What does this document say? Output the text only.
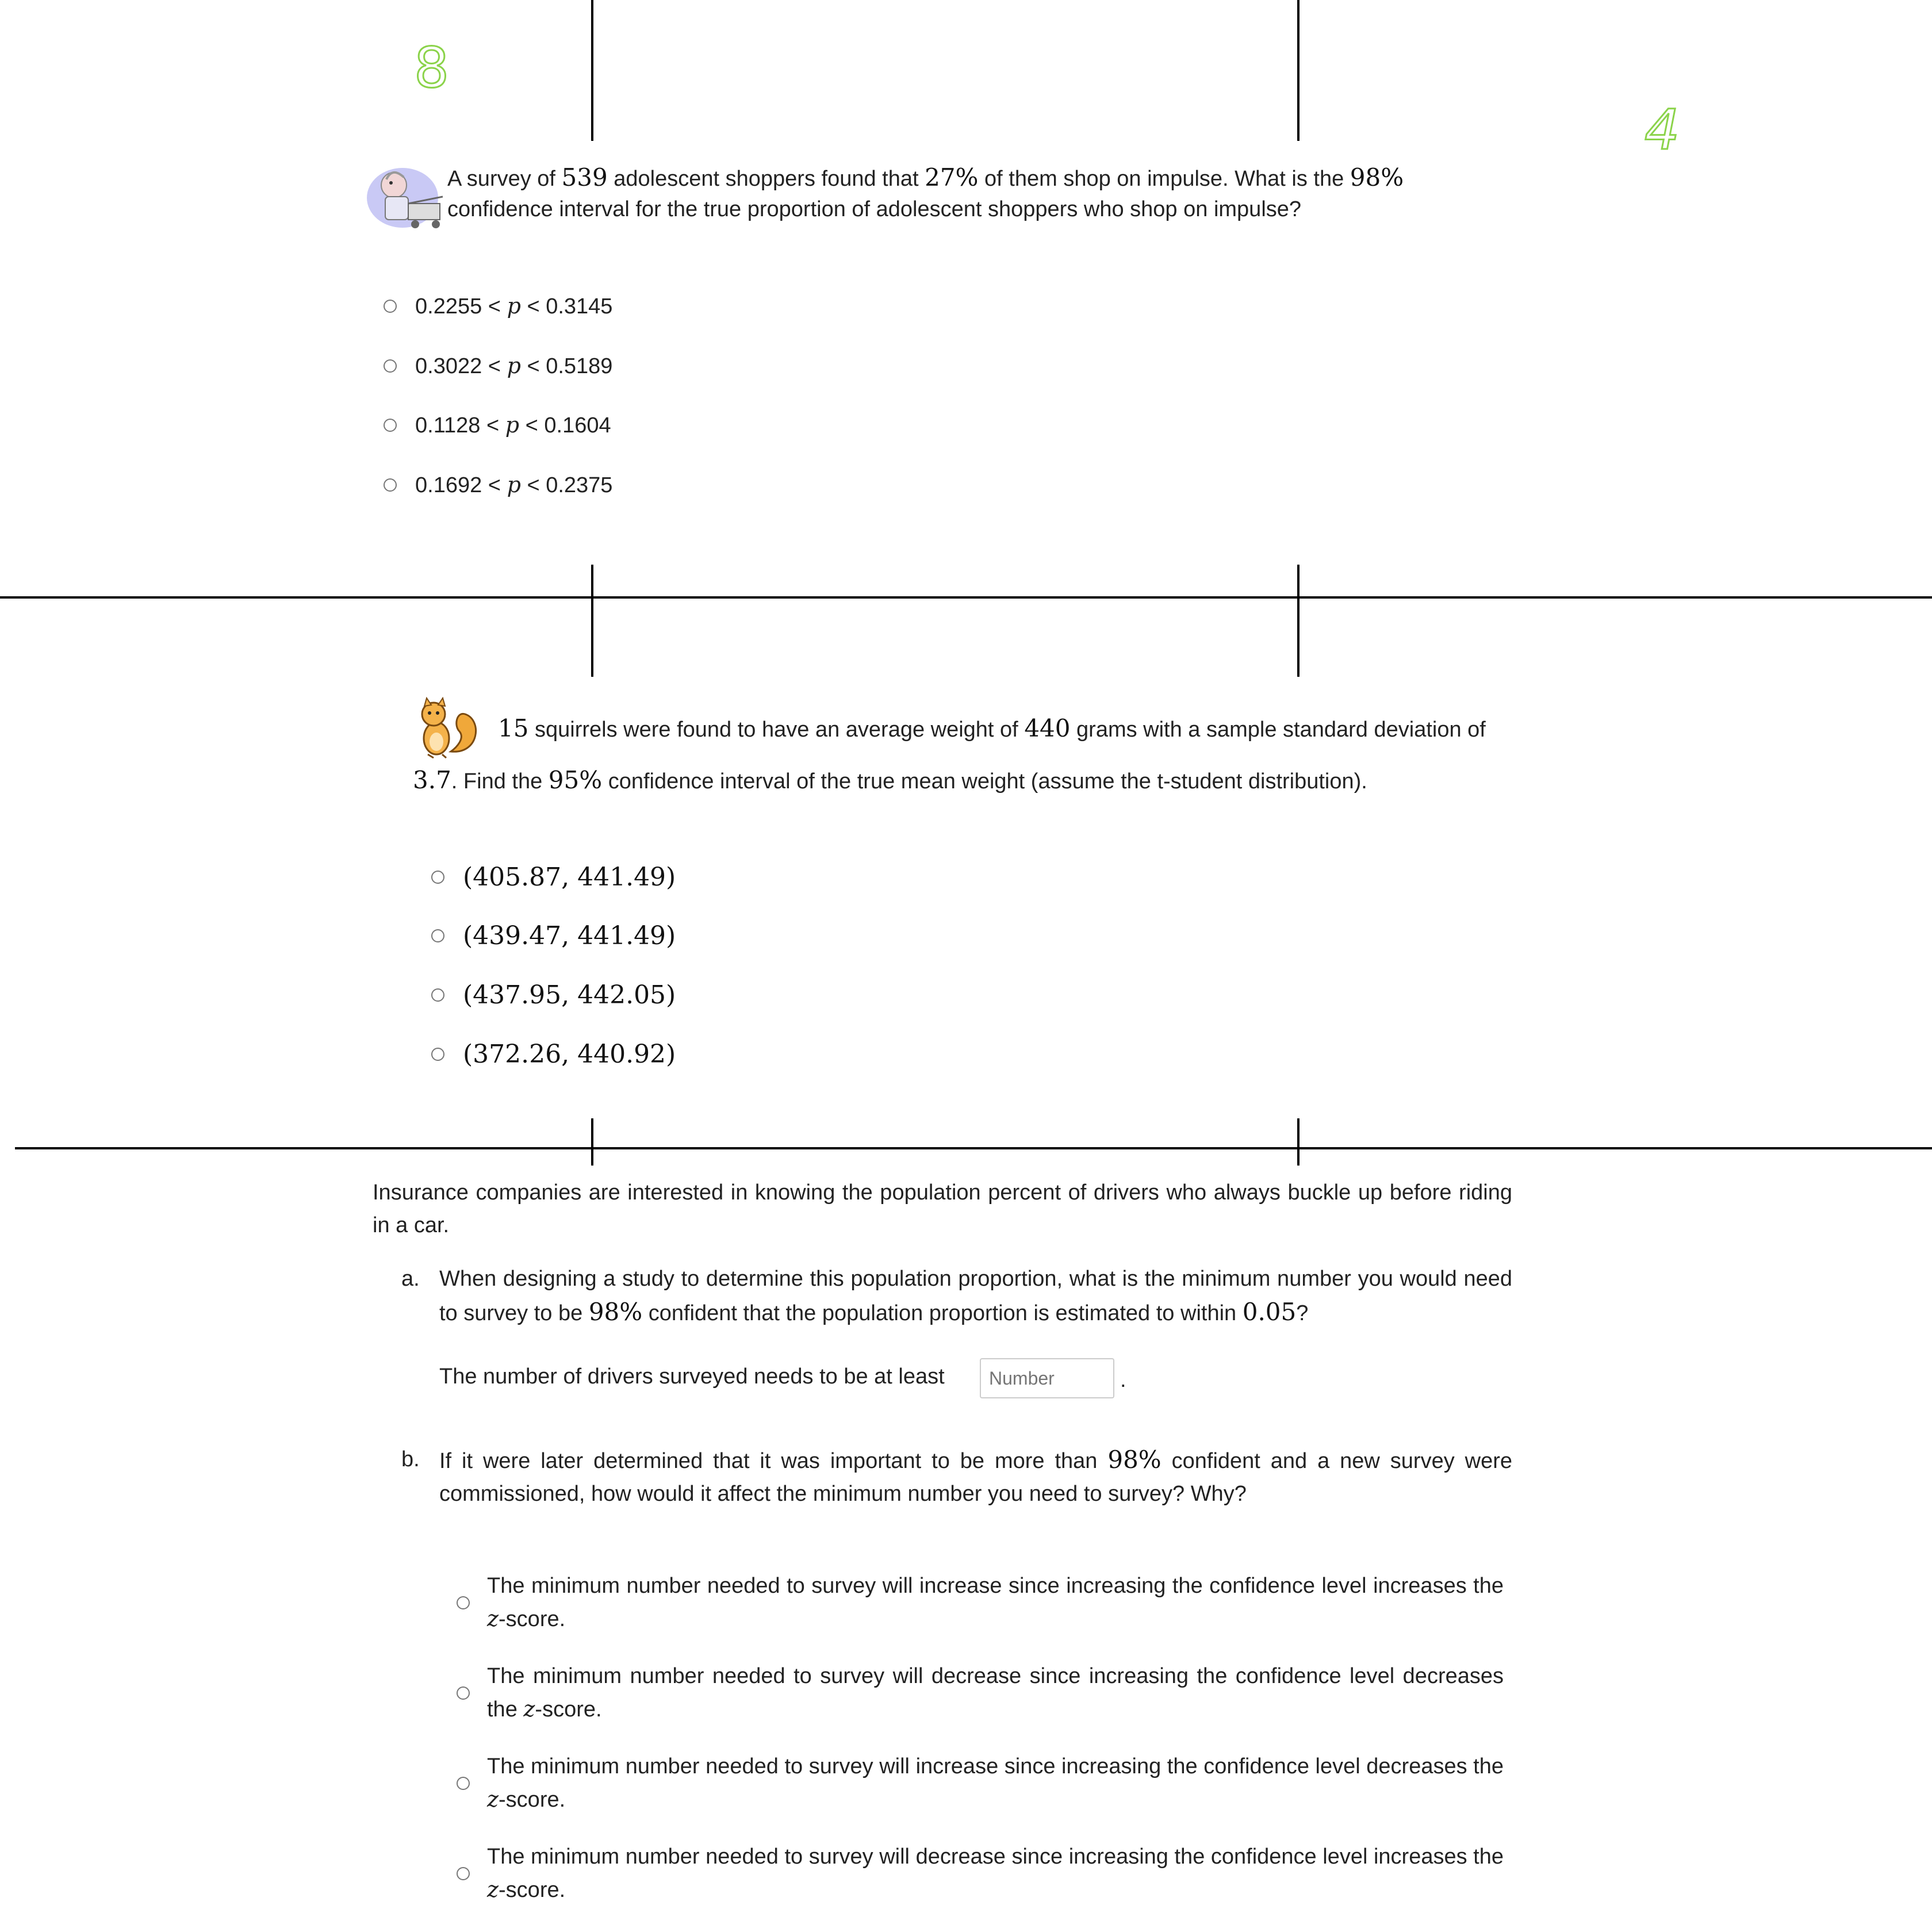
8
4
A survey of 539 adolescent shoppers found that 27% of them shop on impulse. What is the 98%
confidence interval for the true proportion of adolescent shoppers who shop on impulse?
0.2255 < p < 0.3145
0.3022 < p < 0.5189
0.1128 < p < 0.1604
0.1692 < p < 0.2375
15 squirrels were found to have an average weight of 440 grams with a sample standard deviation of
3.7. Find the 95% confidence interval of the true mean weight (assume the t-student distribution).
(405.87, 441.49)
(439.47, 441.49)
(437.95, 442.05)
(372.26, 440.92)
Insurance companies are interested in knowing the population percent of drivers who always buckle up before riding in a car.
a. When designing a study to determine this population proportion, what is the minimum number you would need to survey to be 98% confident that the population proportion is estimated to within 0.05?
The number of drivers surveyed needs to be at least
Number	.
b. If it were later determined that it was important to be more than 98% confident and a new survey were commissioned, how would it affect the minimum number you need to survey? Why?
The minimum number needed to survey will increase since increasing the confidence level increases the z-score.
The minimum number needed to survey will decrease since increasing the confidence level decreases the z-score.
The minimum number needed to survey will increase since increasing the confidence level decreases the z-score.
The minimum number needed to survey will decrease since increasing the confidence level increases the z-score.
